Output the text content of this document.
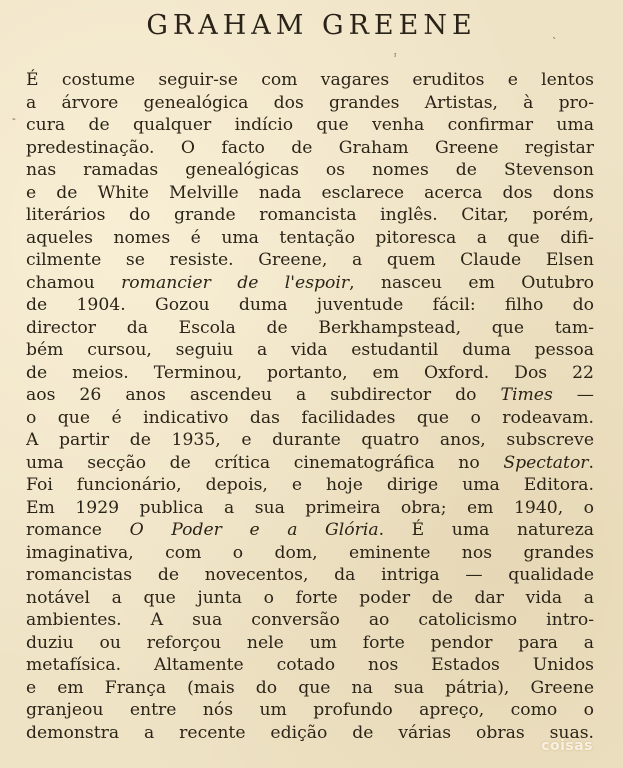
GRAHAM GREENE
ᶦ
-
`
É costume seguir-se com vagares eruditos e lentos
a árvore genealógica dos grandes Artistas, à pro-
cura de qualquer indício que venha confirmar uma
predestinação. O facto de Graham Greene registar
nas ramadas genealógicas os nomes de Stevenson
e de White Melville nada esclarece acerca dos dons
literários do grande romancista inglês. Citar, porém,
aqueles nomes é uma tentação pitoresca a que difi-
cilmente se resiste. Greene, a quem Claude Elsen
chamou romancier de l'espoir, nasceu em Outubro
de 1904. Gozou duma juventude fácil: filho do
director da Escola de Berkhampstead, que tam-
bém cursou, seguiu a vida estudantil duma pessoa
de meios. Terminou, portanto, em Oxford. Dos 22
aos 26 anos ascendeu a subdirector do Times —
o que é indicativo das facilidades que o rodeavam.
A partir de 1935, e durante quatro anos, subscreve
uma secção de crítica cinematográfica no Spectator.
Foi funcionário, depois, e hoje dirige uma Editora.
Em 1929 publica a sua primeira obra; em 1940, o
romance O Poder e a Glória. É uma natureza
imaginativa, com o dom, eminente nos grandes
romancistas de novecentos, da intriga — qualidade
notável a que junta o forte poder de dar vida a
ambientes. A sua conversão ao catolicismo intro-
duziu ou reforçou nele um forte pendor para a
metafísica. Altamente cotado nos Estados Unidos
e em França (mais do que na sua pátria), Greene
granjeou entre nós um profundo apreço, como o
demonstra a recente edição de várias obras suas.
coisas
